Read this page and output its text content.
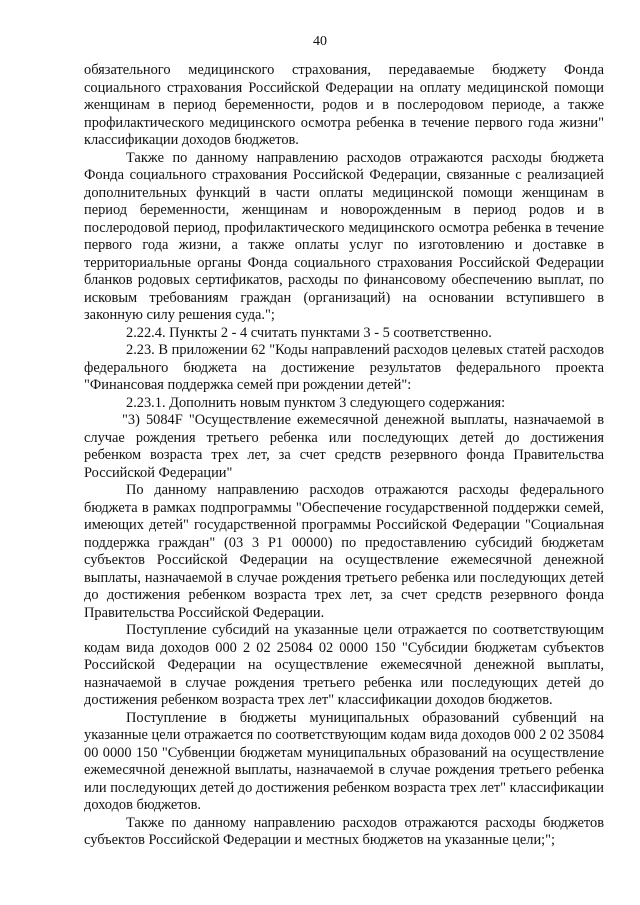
40

обязательного медицинского страхования, передаваемые бюджету Фонда социального страхования Российской Федерации на оплату медицинской помощи женщинам в период беременности, родов и в послеродовом периоде, а также профилактического медицинского осмотра ребенка в течение первого года жизни" классификации доходов бюджетов.

Также по данному направлению расходов отражаются расходы бюджета Фонда социального страхования Российской Федерации, связанные с реализацией дополнительных функций в части оплаты медицинской помощи женщинам в период беременности, женщинам и новорожденным в период родов и в послеродовой период, профилактического медицинского осмотра ребенка в течение первого года жизни, а также оплаты услуг по изготовлению и доставке в территориальные органы Фонда социального страхования Российской Федерации бланков родовых сертификатов, расходы по финансовому обеспечению выплат, по исковым требованиям граждан (организаций) на основании вступившего в законную силу решения суда.";

2.22.4. Пункты 2 - 4 считать пунктами 3 - 5 соответственно.

2.23. В приложении 62 "Коды направлений расходов целевых статей расходов федерального бюджета на достижение результатов федерального проекта "Финансовая поддержка семей при рождении детей":

2.23.1. Дополнить новым пунктом 3 следующего содержания:

"3) 5084F "Осуществление ежемесячной денежной выплаты, назначаемой в случае рождения третьего ребенка или последующих детей до достижения ребенком возраста трех лет, за счет средств резервного фонда Правительства Российской Федерации"

По данному направлению расходов отражаются расходы федерального бюджета в рамках подпрограммы "Обеспечение государственной поддержки семей, имеющих детей" государственной программы Российской Федерации "Социальная поддержка граждан" (03 3 P1 00000) по предоставлению субсидий бюджетам субъектов Российской Федерации на осуществление ежемесячной денежной выплаты, назначаемой в случае рождения третьего ребенка или последующих детей до достижения ребенком возраста трех лет, за счет средств резервного фонда Правительства Российской Федерации.

Поступление субсидий на указанные цели отражается по соответствующим кодам вида доходов 000 2 02 25084 02 0000 150 "Субсидии бюджетам субъектов Российской Федерации на осуществление ежемесячной денежной выплаты, назначаемой в случае рождения третьего ребенка или последующих детей до достижения ребенком возраста трех лет" классификации доходов бюджетов.

Поступление в бюджеты муниципальных образований субвенций на указанные цели отражается по соответствующим кодам вида доходов 000 2 02 35084 00 0000 150 "Субвенции бюджетам муниципальных образований на осуществление ежемесячной денежной выплаты, назначаемой в случае рождения третьего ребенка или последующих детей до достижения ребенком возраста трех лет" классификации доходов бюджетов.

Также по данному направлению расходов отражаются расходы бюджетов субъектов Российской Федерации и местных бюджетов на указанные цели;";
